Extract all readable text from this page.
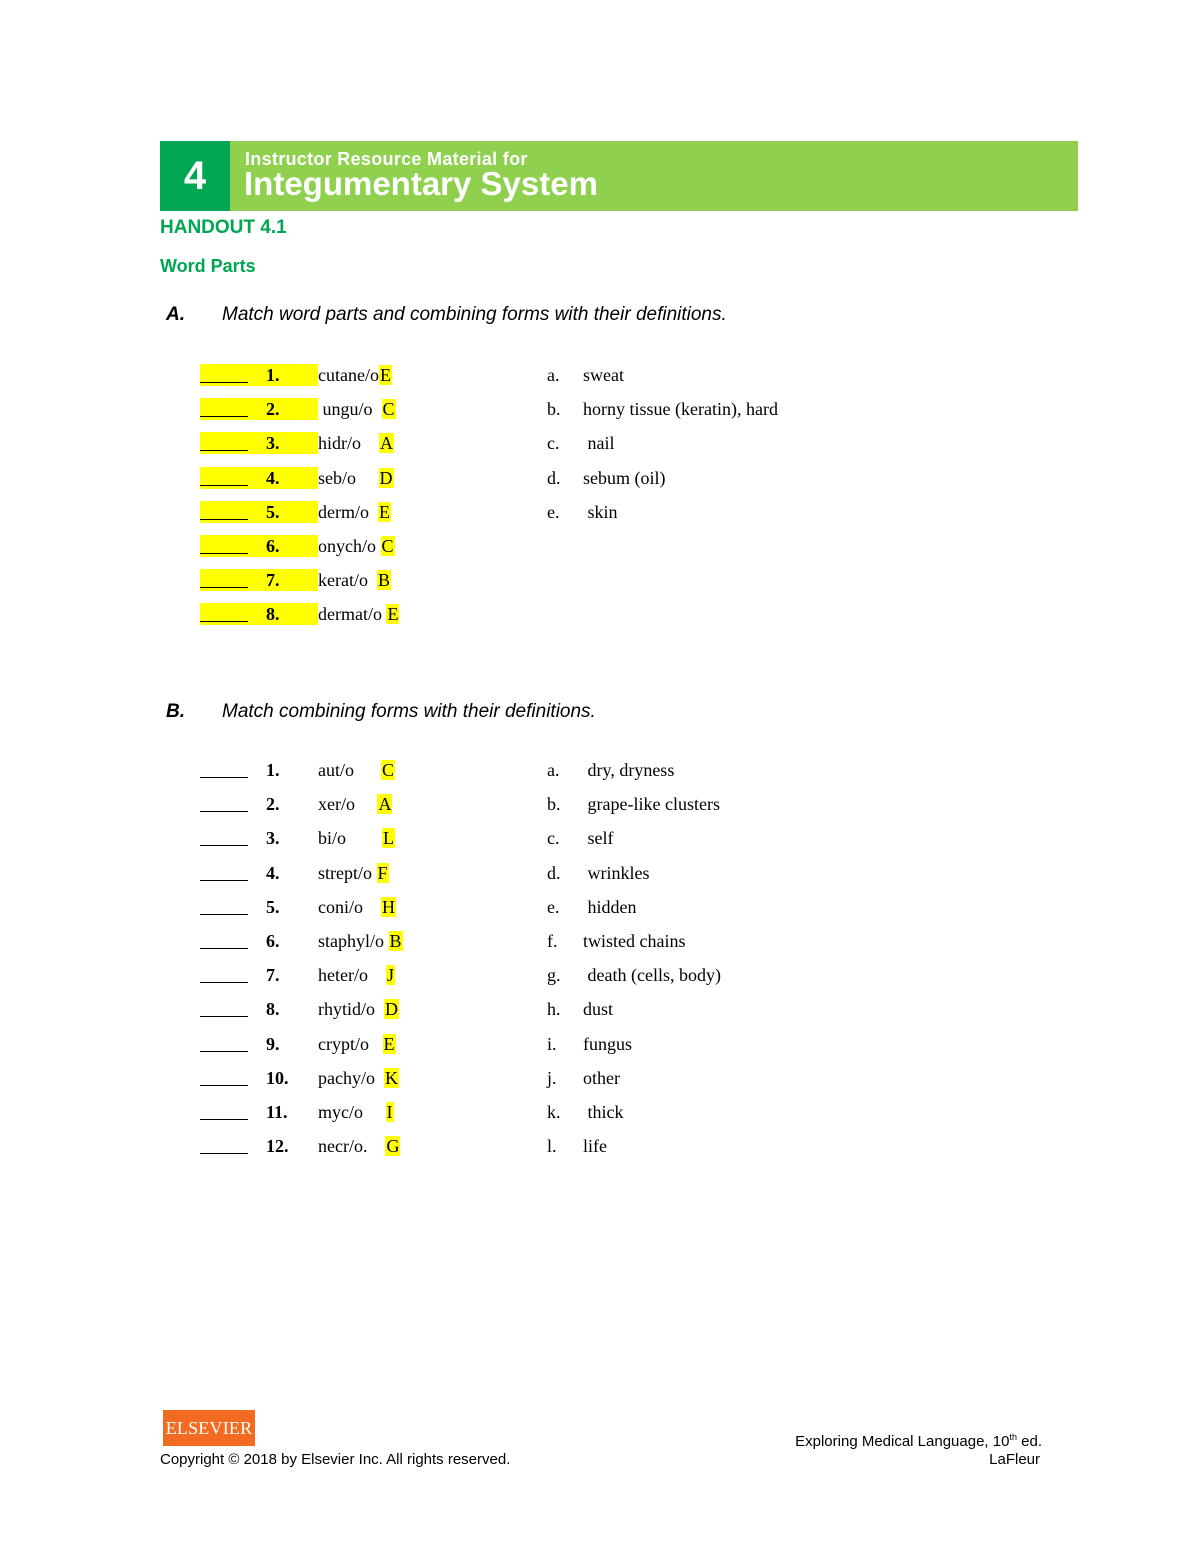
4	Instructor Resource Material for
Integumentary System
HANDOUT 4.1
Word Parts
A. Match word parts and combining forms with their definitions.
B. Match combining forms with their definitions.
1. cutane/oE	a. sweat
2. ungu/o  C	b. horny tissue (keratin), hard
3. hidr/o    A	c. nail
4. seb/o     D	d. sebum (oil)
5. derm/o  E	e. skin
6. onych/o C
7. kerat/o  B
8. dermat/o E
1. aut/o      C	a. dry, dryness
2. xer/o     A	b. grape-like clusters
3. bi/o        L	c. self
4. strept/o F	d. wrinkles
5. coni/o    H	e. hidden
6. staphyl/o B	f. twisted chains
7. heter/o    J	g. death (cells, body)
8. rhytid/o  D	h. dust
9. crypt/o   E	i. fungus
10. pachy/o  K	j. other
11. myc/o     I	k. thick
12. necr/o.    G	l. life
ELSEVIER
Copyright © 2018 by Elsevier Inc. All rights reserved.
Exploring Medical Language, 10th ed.
LaFleur
